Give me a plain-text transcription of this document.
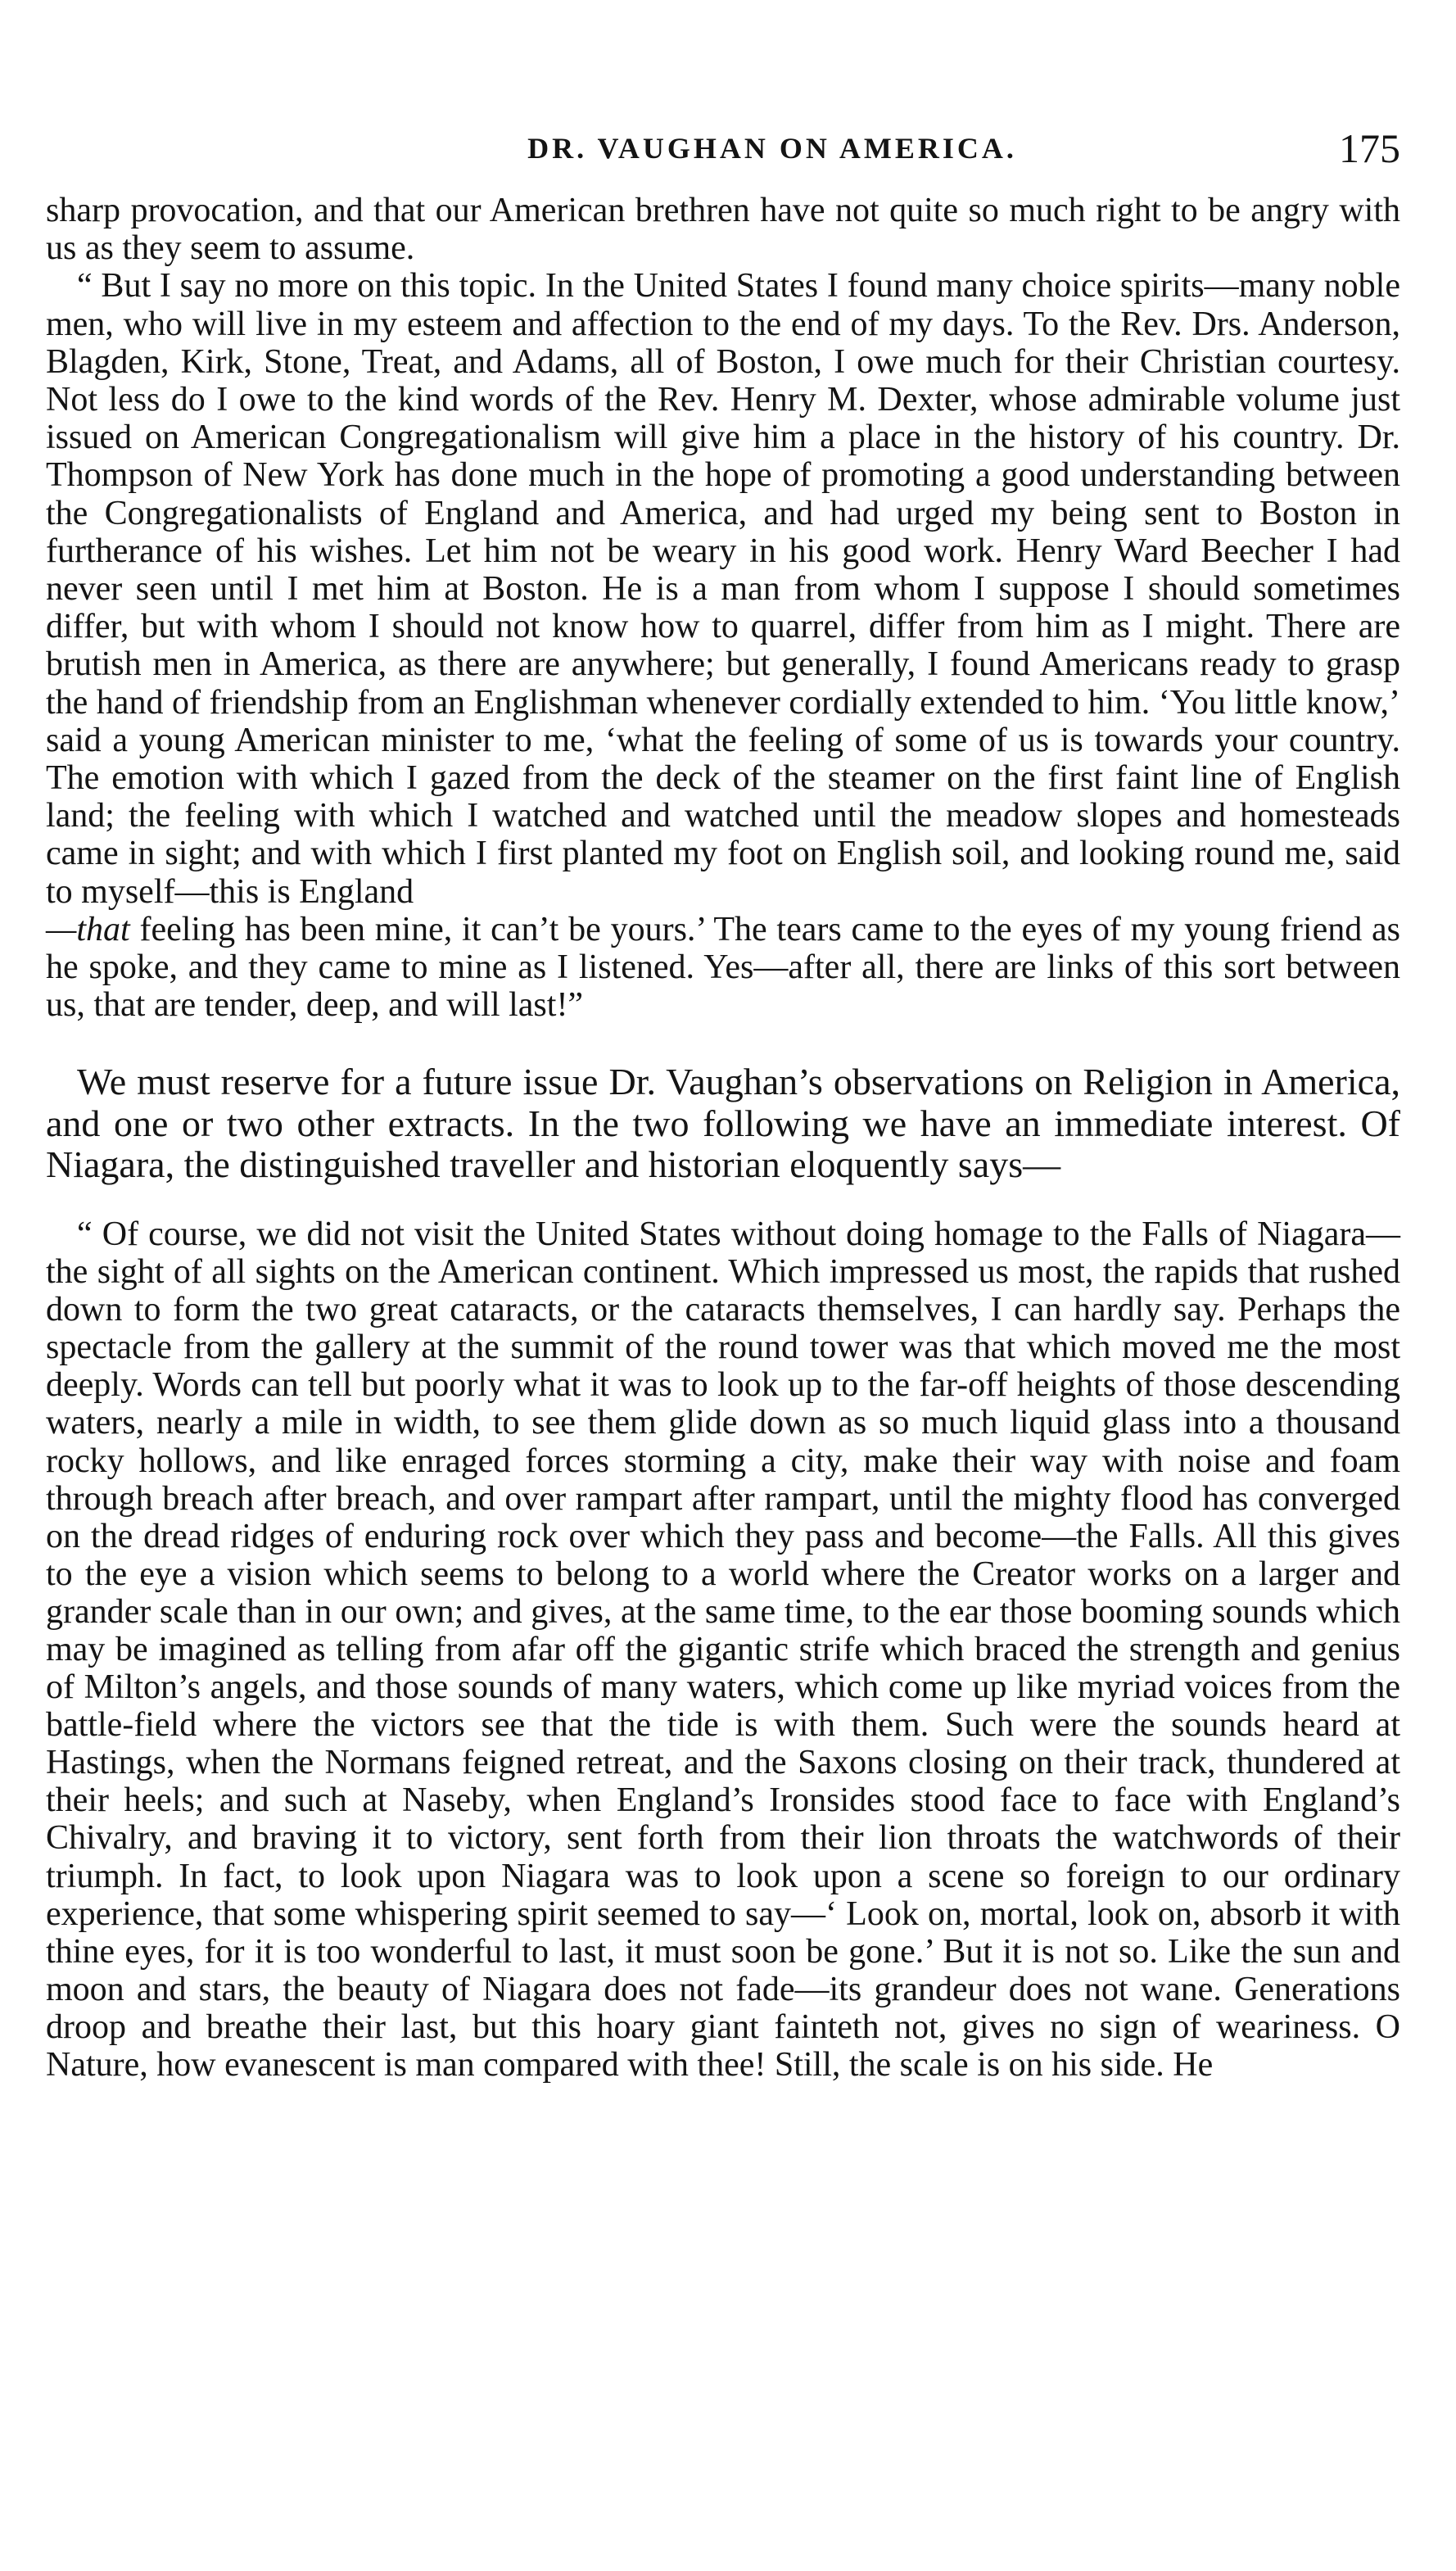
DR. VAUGHAN ON AMERICA.	175

sharp provocation, and that our American brethren have not quite so much right to be angry with us as they seem to assume.

“ But I say no more on this topic. In the United States I found many choice spirits—many noble men, who will live in my esteem and affection to the end of my days. To the Rev. Drs. Anderson, Blagden, Kirk, Stone, Treat, and Adams, all of Boston, I owe much for their Christian courtesy. Not less do I owe to the kind words of the Rev. Henry M. Dexter, whose admirable volume just issued on American Congregationalism will give him a place in the history of his country. Dr. Thompson of New York has done much in the hope of promoting a good understanding between the Congregationalists of England and America, and had urged my being sent to Boston in furtherance of his wishes. Let him not be weary in his good work. Henry Ward Beecher I had never seen until I met him at Boston. He is a man from whom I suppose I should sometimes differ, but with whom I should not know how to quarrel, differ from him as I might. There are brutish men in America, as there are anywhere; but generally, I found Americans ready to grasp the hand of friendship from an Englishman whenever cordially extended to him. ‘You little know,’ said a young American minister to me, ‘what the feeling of some of us is towards your country. The emotion with which I gazed from the deck of the steamer on the first faint line of English land; the feeling with which I watched and watched until the meadow slopes and homesteads came in sight; and with which I first planted my foot on English soil, and looking round me, said to myself—this is England
—that feeling has been mine, it can’t be yours.’ The tears came to the eyes of my young friend as he spoke, and they came to mine as I listened. Yes—after all, there are links of this sort between us, that are tender, deep, and will last!”

We must reserve for a future issue Dr. Vaughan’s observations on Religion in America, and one or two other extracts. In the two following we have an immediate interest. Of Niagara, the distinguished traveller and historian eloquently says—

“ Of course, we did not visit the United States without doing homage to the Falls of Niagara—the sight of all sights on the American continent. Which impressed us most, the rapids that rushed down to form the two great cataracts, or the cataracts themselves, I can hardly say. Perhaps the spectacle from the gallery at the summit of the round tower was that which moved me the most deeply. Words can tell but poorly what it was to look up to the far-off heights of those descending waters, nearly a mile in width, to see them glide down as so much liquid glass into a thousand rocky hollows, and like enraged forces storming a city, make their way with noise and foam through breach after breach, and over rampart after rampart, until the mighty flood has converged on the dread ridges of enduring rock over which they pass and become—the Falls. All this gives to the eye a vision which seems to belong to a world where the Creator works on a larger and grander scale than in our own; and gives, at the same time, to the ear those booming sounds which may be imagined as telling from afar off the gigantic strife which braced the strength and genius of Milton’s angels, and those sounds of many waters, which come up like myriad voices from the battle-field where the victors see that the tide is with them. Such were the sounds heard at Hastings, when the Normans feigned retreat, and the Saxons closing on their track, thundered at their heels; and such at Naseby, when England’s Ironsides stood face to face with England’s Chivalry, and braving it to victory, sent forth from their lion throats the watchwords of their triumph. In fact, to look upon Niagara was to look upon a scene so foreign to our ordinary experience, that some whispering spirit seemed to say—‘ Look on, mortal, look on, absorb it with thine eyes, for it is too wonderful to last, it must soon be gone.’ But it is not so. Like the sun and moon and stars, the beauty of Niagara does not fade—its grandeur does not wane. Generations droop and breathe their last, but this hoary giant fainteth not, gives no sign of weariness. O Nature, how evanescent is man compared with thee! Still, the scale is on his side. He
